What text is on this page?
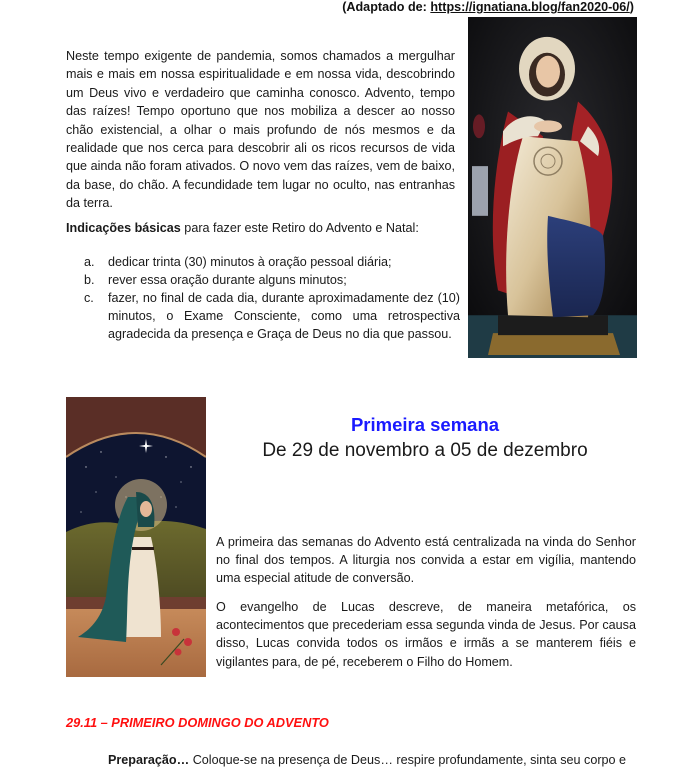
(Adaptado de: https://ignatiana.blog/fan2020-06/)

Neste tempo exigente de pandemia, somos chamados a mergulhar mais e mais em nossa espiritualidade e em nossa vida, descobrindo um Deus vivo e verdadeiro que caminha conosco. Advento, tempo das raízes! Tempo oportuno que nos mobiliza a descer ao nosso chão existencial, a olhar o mais profundo de nós mesmos e da realidade que nos cerca para descobrir ali os ricos recursos de vida que ainda não foram ativados. O novo vem das raízes, vem de baixo, da base, do chão. A fecundidade tem lugar no oculto, nas entranhas da terra.

Indicações básicas para fazer este Retiro do Advento e Natal:

a. dedicar trinta (30) minutos à oração pessoal diária;
b. rever essa oração durante alguns minutos;
c. fazer, no final de cada dia, durante aproximadamente dez (10) minutos, o Exame Consciente, como uma retrospectiva agradecida da presença e Graça de Deus no dia que passou.
Primeira semana

De 29 de novembro a 05 de dezembro

A primeira das semanas do Advento está centralizada na vinda do Senhor no final dos tempos. A liturgia nos convida a estar em vigília, mantendo uma especial atitude de conversão.

O evangelho de Lucas descreve, de maneira metafórica, os acontecimentos que precederiam essa segunda vinda de Jesus. Por causa disso, Lucas convida todos os irmãos e irmãs a se manterem fiéis e vigilantes para, de pé, receberem o Filho do Homem.

29.11 – PRIMEIRO DOMINGO DO ADVENTO

Preparação… Coloque-se na presença de Deus… respire profundamente, sinta seu corpo e
